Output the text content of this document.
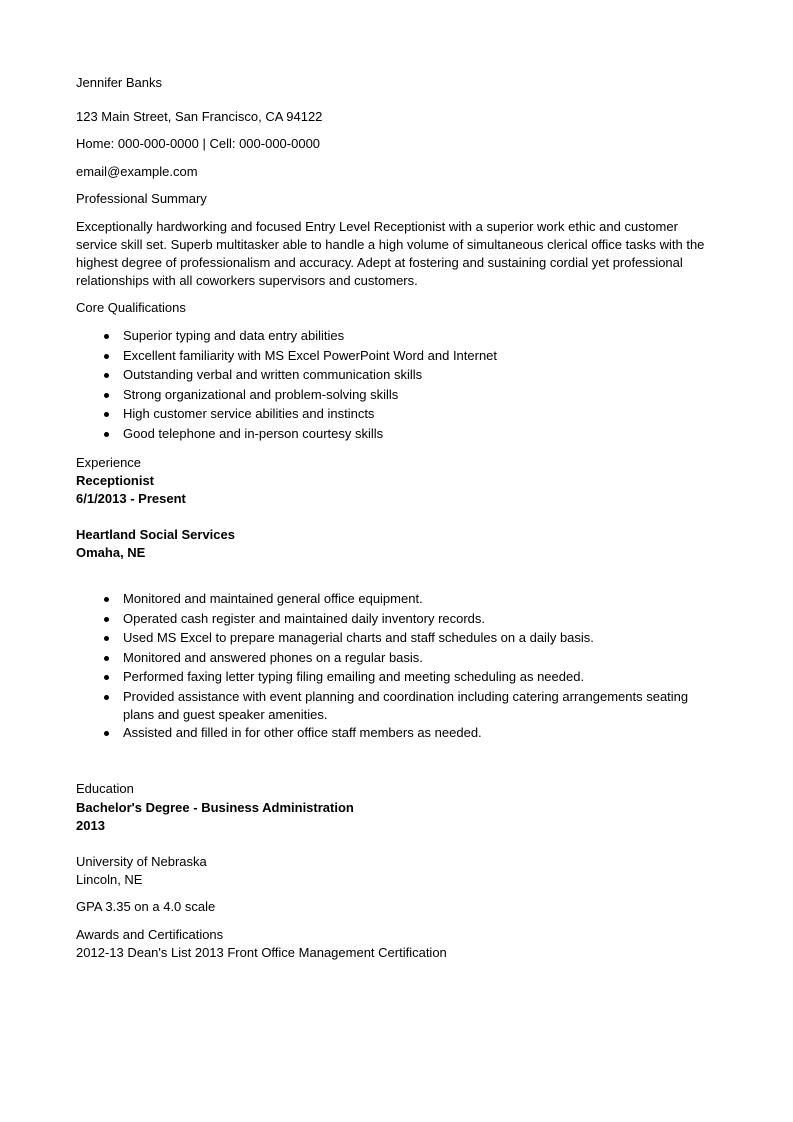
Jennifer Banks
123 Main Street, San Francisco, CA 94122
Home: 000-000-0000 | Cell: 000-000-0000
email@example.com
Professional Summary
Exceptionally hardworking and focused Entry Level Receptionist with a superior work ethic and customer service skill set. Superb multitasker able to handle a high volume of simultaneous clerical office tasks with the highest degree of professionalism and accuracy. Adept at fostering and sustaining cordial yet professional relationships with all coworkers supervisors and customers.
Core Qualifications
Superior typing and data entry abilities
Excellent familiarity with MS Excel PowerPoint Word and Internet
Outstanding verbal and written communication skills
Strong organizational and problem-solving skills
High customer service abilities and instincts
Good telephone and in-person courtesy skills
Experience
Receptionist
6/1/2013 - Present
Heartland Social Services
Omaha, NE
Monitored and maintained general office equipment.
Operated cash register and maintained daily inventory records.
Used MS Excel to prepare managerial charts and staff schedules on a daily basis.
Monitored and answered phones on a regular basis.
Performed faxing letter typing filing emailing and meeting scheduling as needed.
Provided assistance with event planning and coordination including catering arrangements seating plans and guest speaker amenities.
Assisted and filled in for other office staff members as needed.
Education
Bachelor's Degree - Business Administration
2013
University of Nebraska
Lincoln, NE
GPA 3.35 on a 4.0 scale
Awards and Certifications
2012-13 Dean's List 2013 Front Office Management Certification
